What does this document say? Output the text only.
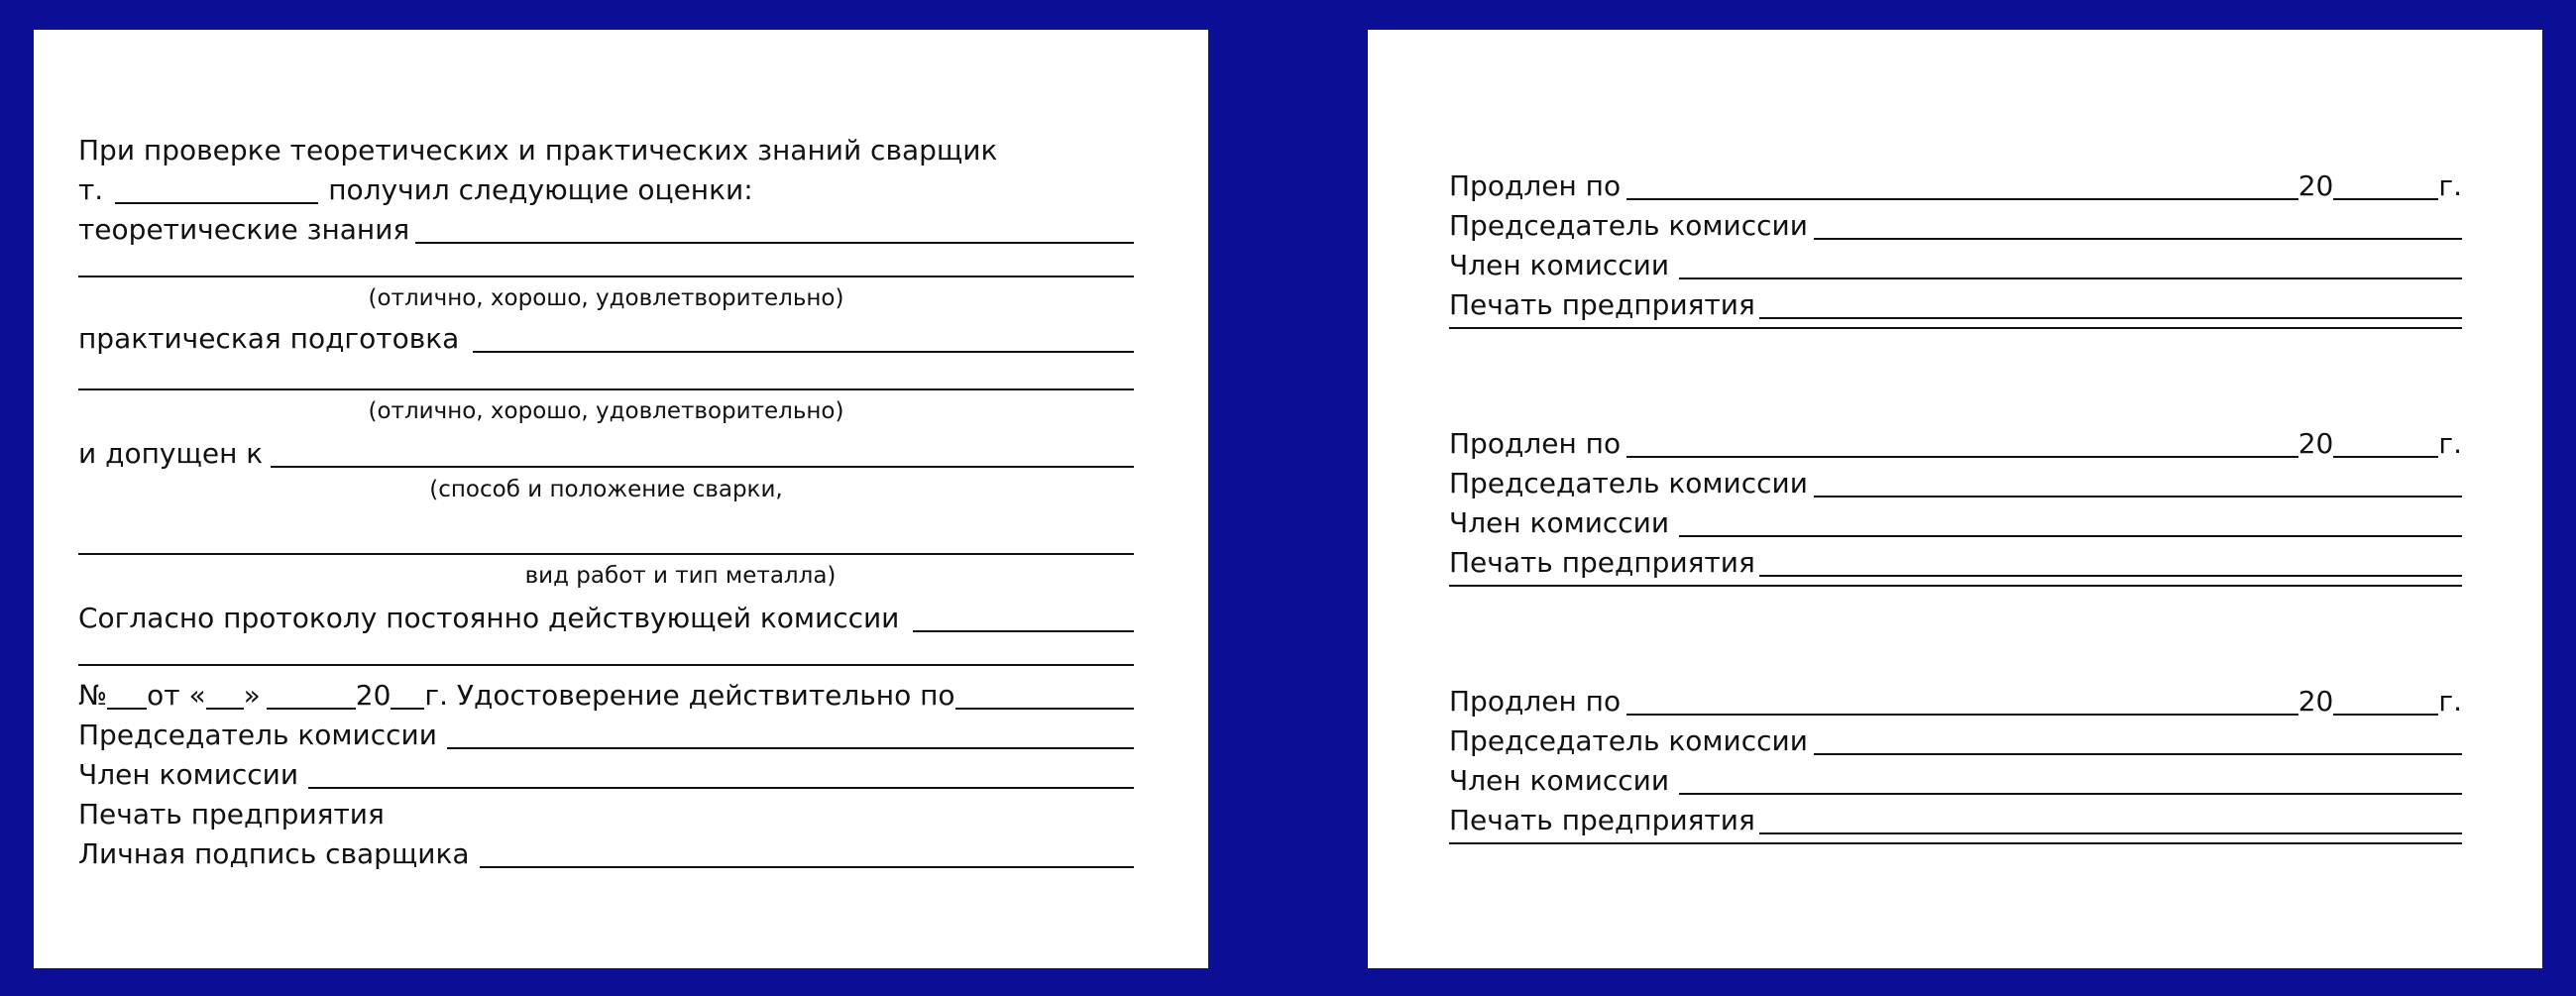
При проверке теоретических и практических знаний сварщик
т.	получил следующие оценки:
теоретические знания
(отлично, хорошо, удовлетворительно)
практическая подготовка
(отлично, хорошо, удовлетворительно)
и допущен к
(способ и положение сварки,
вид работ и тип металла)
Согласно протоколу постоянно действующей комиссии
№ от « »	20 г. Удостоверение действительно по
Председатель комиссии
Член комиссии
Печать предприятия
Личная подпись сварщика
Продлен по	20	г.
Председатель комиссии
Член комиссии
Печать предприятия
Продлен по	20	г.
Председатель комиссии
Член комиссии
Печать предприятия
Продлен по	20	г.
Председатель комиссии
Член комиссии
Печать предприятия
